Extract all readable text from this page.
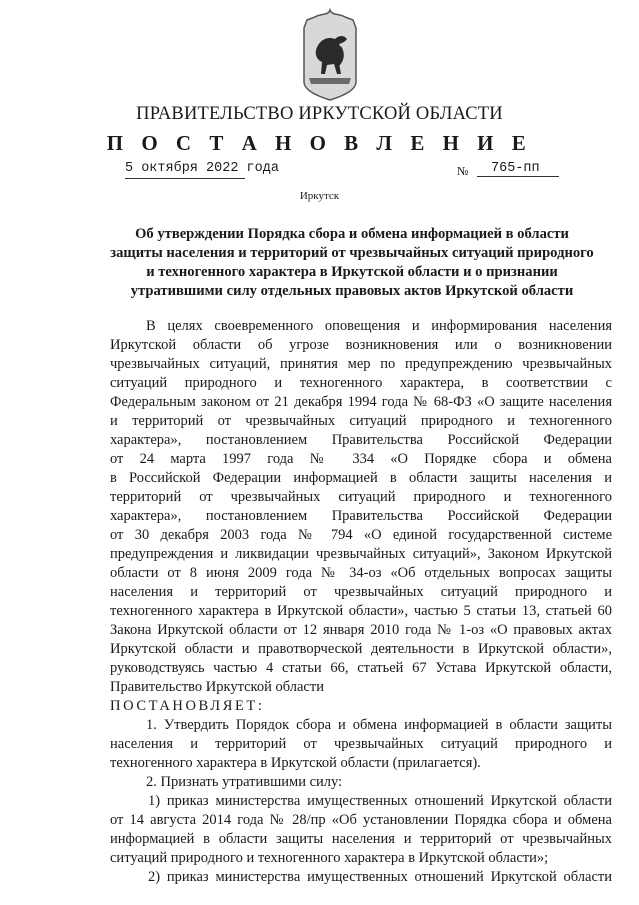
ПРАВИТЕЛЬСТВО ИРКУТСКОЙ ОБЛАСТИ
П О С Т А Н О В Л Е Н И Е
5 октября 2022 года	№	765-пп
Иркутск
Об утверждении Порядка сбора и обмена информацией в области
защиты населения и территорий от чрезвычайных ситуаций природного
и техногенного характера в Иркутской области и о признании
утратившими силу отдельных правовых актов Иркутской области
В целях своевременного оповещения и информирования населения
Иркутской области об угрозе возникновения или о возникновении
чрезвычайных ситуаций, принятия мер по предупреждению чрезвычайных
ситуаций природного и техногенного характера, в соответствии с
Федеральным законом от 21 декабря 1994 года № 68-ФЗ «О защите населения
и территорий от чрезвычайных ситуаций природного и техногенного
характера», постановлением Правительства Российской Федерации
от 24 марта 1997 года № 334 «О Порядке сбора и обмена
в Российской Федерации информацией в области защиты населения и
территорий от чрезвычайных ситуаций природного и техногенного
характера», постановлением Правительства Российской Федерации
от 30 декабря 2003 года № 794 «О единой государственной системе
предупреждения и ликвидации чрезвычайных ситуаций», Законом Иркутской
области от 8 июня 2009 года № 34-оз «Об отдельных вопросах защиты
населения и территорий от чрезвычайных ситуаций природного и
техногенного характера в Иркутской области», частью 5 статьи 13, статьей 60
Закона Иркутской области от 12 января 2010 года № 1-оз «О правовых актах
Иркутской области и правотворческой деятельности в Иркутской области»,
руководствуясь частью 4 статьи 66, статьей 67 Устава Иркутской области,
Правительство Иркутской области
ПОСТАНОВЛЯЕТ:
1. Утвердить Порядок сбора и обмена информацией в области защиты
населения и территорий от чрезвычайных ситуаций природного и
техногенного характера в Иркутской области (прилагается).
2. Признать утратившими силу:
1) приказ министерства имущественных отношений Иркутской области
от 14 августа 2014 года № 28/пр «Об установлении Порядка сбора и обмена
информацией в области защиты населения и территорий от чрезвычайных
ситуаций природного и техногенного характера в Иркутской области»;
2) приказ министерства имущественных отношений Иркутской области
